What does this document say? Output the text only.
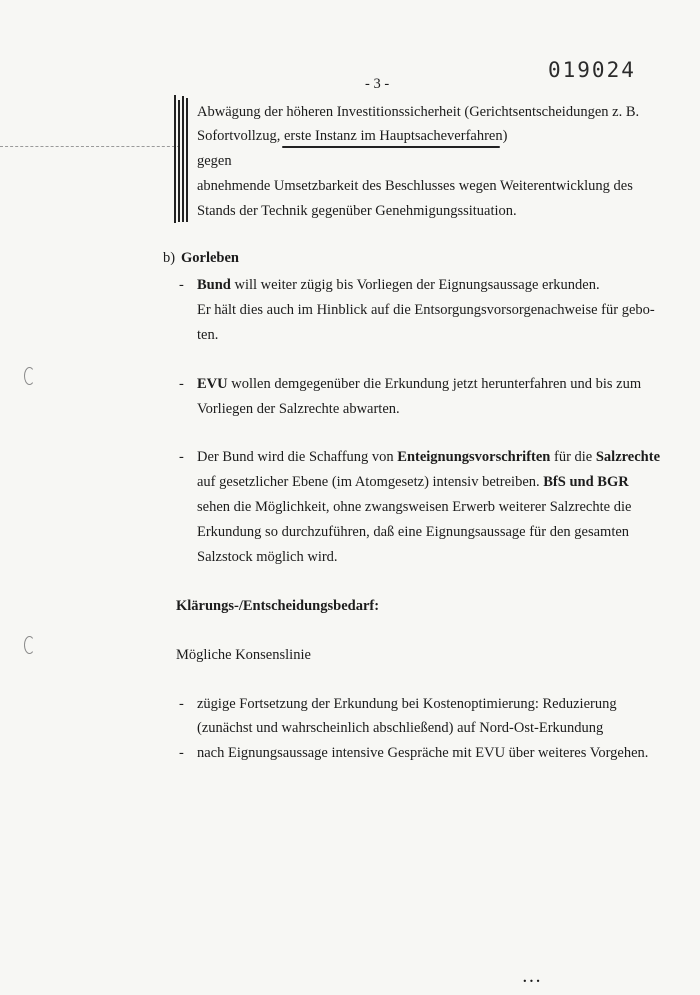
019024
- 3 -
Abwägung der höheren Investitionssicherheit (Gerichtsentscheidungen z. B.
Sofortvollzug, erste Instanz im Hauptsacheverfahren)
gegen
abnehmende Umsetzbarkeit des Beschlusses wegen Weiterentwicklung des
Stands der Technik gegenüber Genehmigungssituation.
b) Gorleben
- Bund will weiter zügig bis Vorliegen der Eignungsaussage erkunden.
Er hält dies auch im Hinblick auf die Entsorgungsvorsorgenachweise für gebo-
ten.
- EVU wollen demgegenüber die Erkundung jetzt herunterfahren und bis zum
Vorliegen der Salzrechte abwarten.
- Der Bund wird die Schaffung von Enteignungsvorschriften für die Salzrechte
auf gesetzlicher Ebene (im Atomgesetz) intensiv betreiben. BfS und BGR
sehen die Möglichkeit, ohne zwangsweisen Erwerb weiterer Salzrechte die
Erkundung so durchzuführen, daß eine Eignungsaussage für den gesamten
Salzstock möglich wird.
Klärungs-/Entscheidungsbedarf:
Mögliche Konsenslinie
- zügige Fortsetzung der Erkundung bei Kostenoptimierung: Reduzierung
(zunächst und wahrscheinlich abschließend) auf Nord-Ost-Erkundung
- nach Eignungsaussage intensive Gespräche mit EVU über weiteres Vorgehen.
...
